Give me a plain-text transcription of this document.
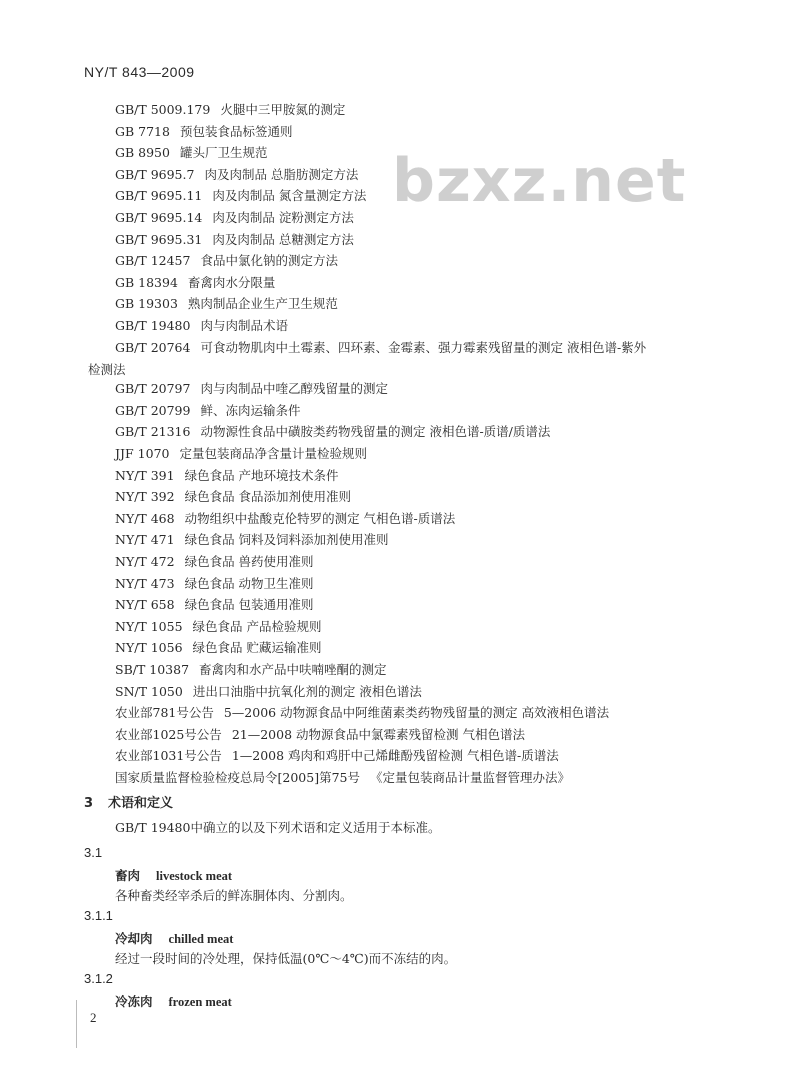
NY/T 843—2009
bzxz.net
GB/T 5009.179 火腿中三甲胺氮的测定
GB 7718 预包装食品标签通则
GB 8950 罐头厂卫生规范
GB/T 9695.7 肉及肉制品 总脂肪测定方法
GB/T 9695.11 肉及肉制品 氮含量测定方法
GB/T 9695.14 肉及肉制品 淀粉测定方法
GB/T 9695.31 肉及肉制品 总糖测定方法
GB/T 12457 食品中氯化钠的测定方法
GB 18394 畜禽肉水分限量
GB 19303 熟肉制品企业生产卫生规范
GB/T 19480 肉与肉制品术语
GB/T 20764 可食动物肌肉中土霉素、四环素、金霉素、强力霉素残留量的测定 液相色谱-紫外
GB/T 20797 肉与肉制品中喹乙醇残留量的测定
GB/T 20799 鲜、冻肉运输条件
GB/T 21316 动物源性食品中磺胺类药物残留量的测定 液相色谱-质谱/质谱法
JJF 1070 定量包装商品净含量计量检验规则
NY/T 391 绿色食品 产地环境技术条件
NY/T 392 绿色食品 食品添加剂使用准则
NY/T 468 动物组织中盐酸克伦特罗的测定 气相色谱-质谱法
NY/T 471 绿色食品 饲料及饲料添加剂使用准则
NY/T 472 绿色食品 兽药使用准则
NY/T 473 绿色食品 动物卫生准则
NY/T 658 绿色食品 包装通用准则
NY/T 1055 绿色食品 产品检验规则
NY/T 1056 绿色食品 贮藏运输准则
SB/T 10387 畜禽肉和水产品中呋喃唑酮的测定
SN/T 1050 进出口油脂中抗氧化剂的测定 液相色谱法
农业部781号公告 5—2006 动物源食品中阿维菌素类药物残留量的测定 高效液相色谱法
农业部1025号公告 21—2008 动物源食品中氯霉素残留检测 气相色谱法
农业部1031号公告 1—2008 鸡肉和鸡肝中己烯雌酚残留检测 气相色谱-质谱法
国家质量监督检验检疫总局令[2005]第75号 《定量包装商品计量监督管理办法》
检测法
3 术语和定义
GB/T 19480中确立的以及下列术语和定义适用于本标准。
3.1
畜肉 livestock meat
各种畜类经宰杀后的鲜冻胴体肉、分割肉。
3.1.1
冷却肉 chilled meat
经过一段时间的冷处理，保持低温(0℃～4℃)而不冻结的肉。
3.1.2
冷冻肉 frozen meat
2
